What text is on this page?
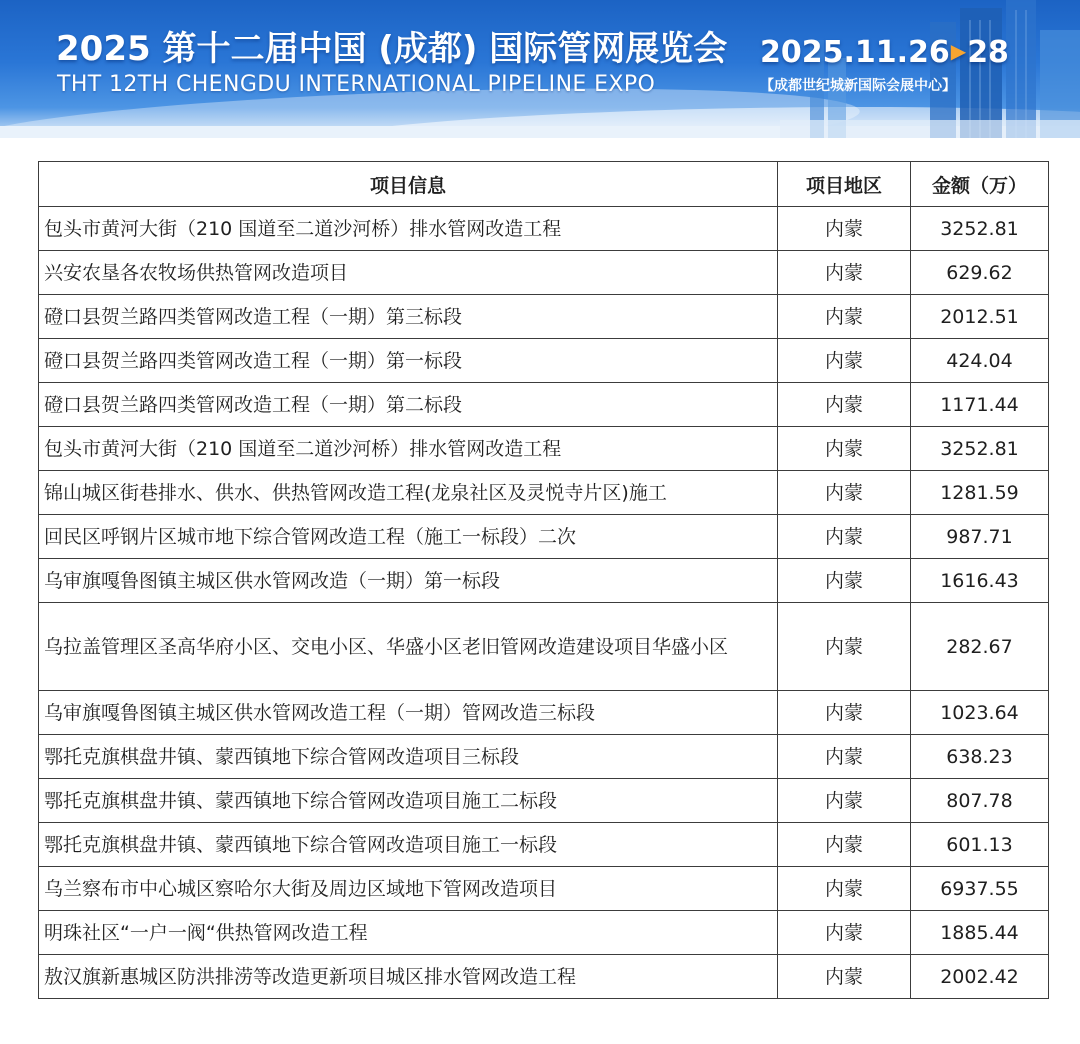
2025 第十二届中国 (成都) 国际管网展览会
THT 12TH CHENGDU INTERNATIONAL PIPELINE EXPO
2025.11.26▶28
【成都世纪城新国际会展中心】
项目信息	项目地区	金额（万）
包头市黄河大街（210 国道至二道沙河桥）排水管网改造工程	内蒙	3252.81
兴安农垦各农牧场供热管网改造项目	内蒙	629.62
磴口县贺兰路四类管网改造工程（一期）第三标段	内蒙	2012.51
磴口县贺兰路四类管网改造工程（一期）第一标段	内蒙	424.04
磴口县贺兰路四类管网改造工程（一期）第二标段	内蒙	1171.44
包头市黄河大街（210 国道至二道沙河桥）排水管网改造工程	内蒙	3252.81
锦山城区街巷排水、供水、供热管网改造工程(龙泉社区及灵悦寺片区)施工	内蒙	1281.59
回民区呼钢片区城市地下综合管网改造工程（施工一标段）二次	内蒙	987.71
乌审旗嘎鲁图镇主城区供水管网改造（一期）第一标段	内蒙	1616.43
乌拉盖管理区圣高华府小区、交电小区、华盛小区老旧管网改造建设项目华盛小区	内蒙	282.67
乌审旗嘎鲁图镇主城区供水管网改造工程（一期）管网改造三标段	内蒙	1023.64
鄂托克旗棋盘井镇、蒙西镇地下综合管网改造项目三标段	内蒙	638.23
鄂托克旗棋盘井镇、蒙西镇地下综合管网改造项目施工二标段	内蒙	807.78
鄂托克旗棋盘井镇、蒙西镇地下综合管网改造项目施工一标段	内蒙	601.13
乌兰察布市中心城区察哈尔大街及周边区域地下管网改造项目	内蒙	6937.55
明珠社区“一户一阀“供热管网改造工程	内蒙	1885.44
敖汉旗新惠城区防洪排涝等改造更新项目城区排水管网改造工程	内蒙	2002.42
